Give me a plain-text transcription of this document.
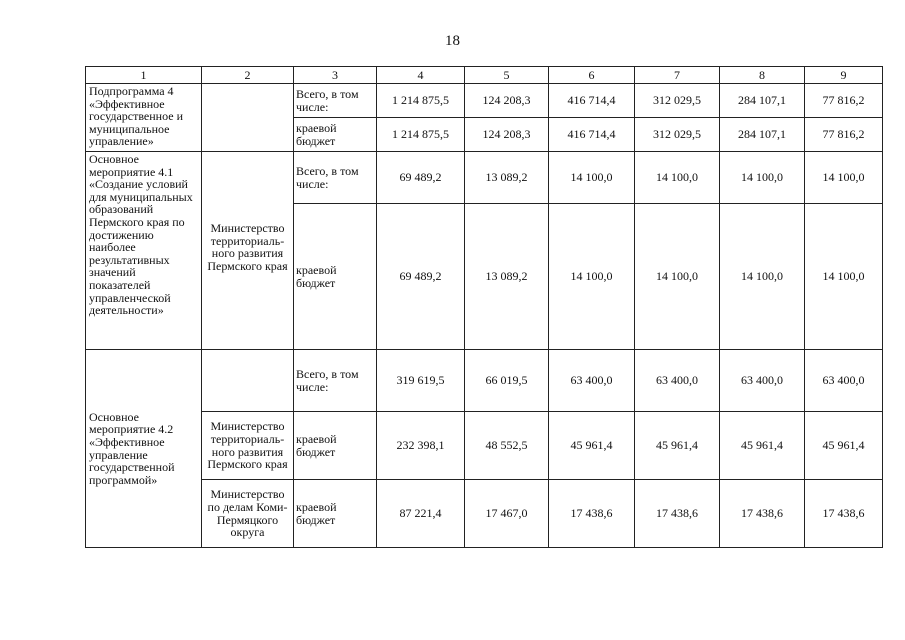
18
1	2	3	4	5	6	7	8	9
Подпрограмма 4 «Эффективное государственное и муниципальное управление»		Всего, в том числе:	1 214 875,5	124 208,3	416 714,4	312 029,5	284 107,1	77 816,2
		краевой бюджет	1 214 875,5	124 208,3	416 714,4	312 029,5	284 107,1	77 816,2
Основное мероприятие 4.1 «Создание условий для муниципальных образований Пермского края по достижению наиболее результативных значений показателей управленческой деятельности»	Министерство территориаль-ного развития Пермского края	Всего, в том числе:	69 489,2	13 089,2	14 100,0	14 100,0	14 100,0	14 100,0
		краевой бюджет	69 489,2	13 089,2	14 100,0	14 100,0	14 100,0	14 100,0
Основное мероприятие 4.2 «Эффективное управление государственной программой»		Всего, в том числе:	319 619,5	66 019,5	63 400,0	63 400,0	63 400,0	63 400,0
	Министерство территориаль-ного развития Пермского края	краевой бюджет	232 398,1	48 552,5	45 961,4	45 961,4	45 961,4	45 961,4
	Министерство по делам Коми-Пермяцкого округа	краевой бюджет	87 221,4	17 467,0	17 438,6	17 438,6	17 438,6	17 438,6
